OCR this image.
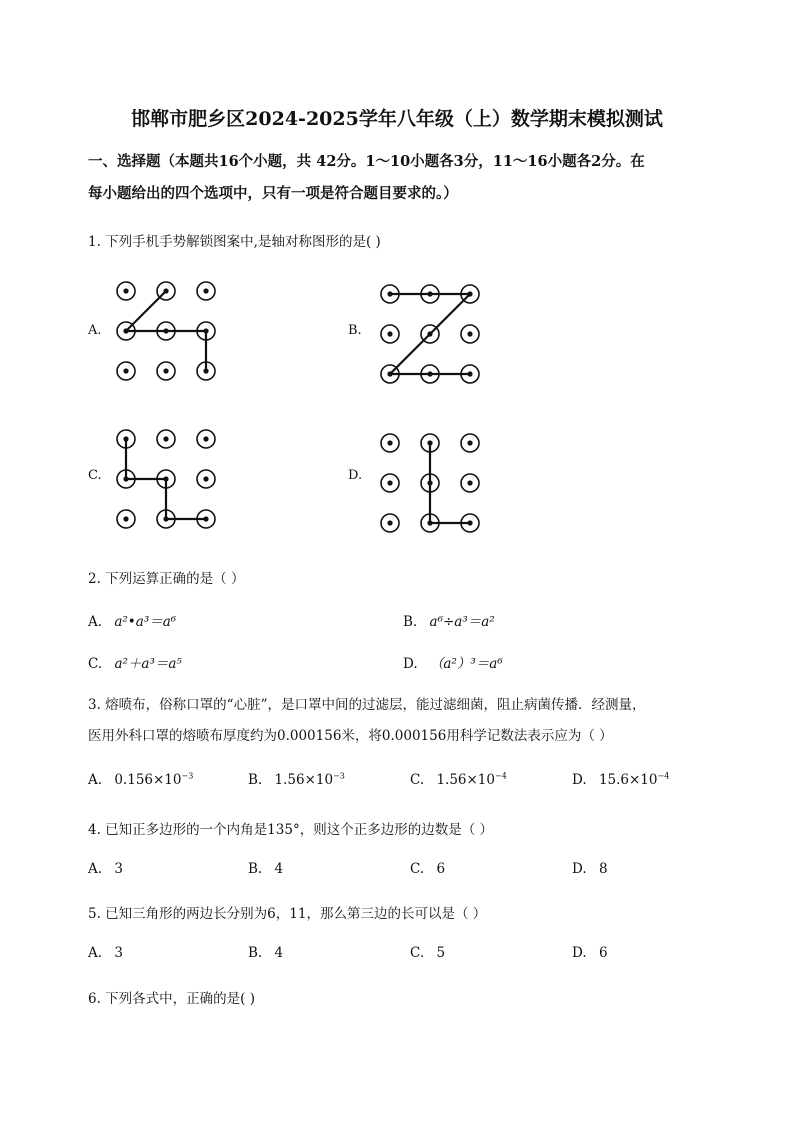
邯郸市肥乡区2024-2025学年八年级（上）数学期末模拟测试
一、选择题（本题共16个小题，共 42分。1～10小题各3分，11～16小题各2分。在
每小题给出的四个选项中，只有一项是符合题目要求的。）
1. 下列手机手势解锁图案中,是轴对称图形的是( )
A.	B.
C.	D.
2. 下列运算正确的是（ ）
A. a²•a³＝a⁶	B. a⁶÷a³＝a²
C. a²＋a³＝a⁵	D. （a²）³＝a⁶
3. 熔喷布，俗称口罩的“心脏”，是口罩中间的过滤层，能过滤细菌，阻止病菌传播．经测量，
医用外科口罩的熔喷布厚度约为0.000156米，将0.000156用科学记数法表示应为（ ）
A. $0.156\times 10^{-3}$	B. $1.56\times 10^{-3}$	C. $1.56\times 10^{-4}$	D. $15.6\times 10^{-4}$
4. 已知正多边形的一个内角是135°，则这个正多边形的边数是（ ）
A. 3	B. 4	C. 6	D. 8
5. 已知三角形的两边长分别为6，11，那么第三边的长可以是（ ）
A. 3	B. 4	C. 5	D. 6
6. 下列各式中，正确的是( )
